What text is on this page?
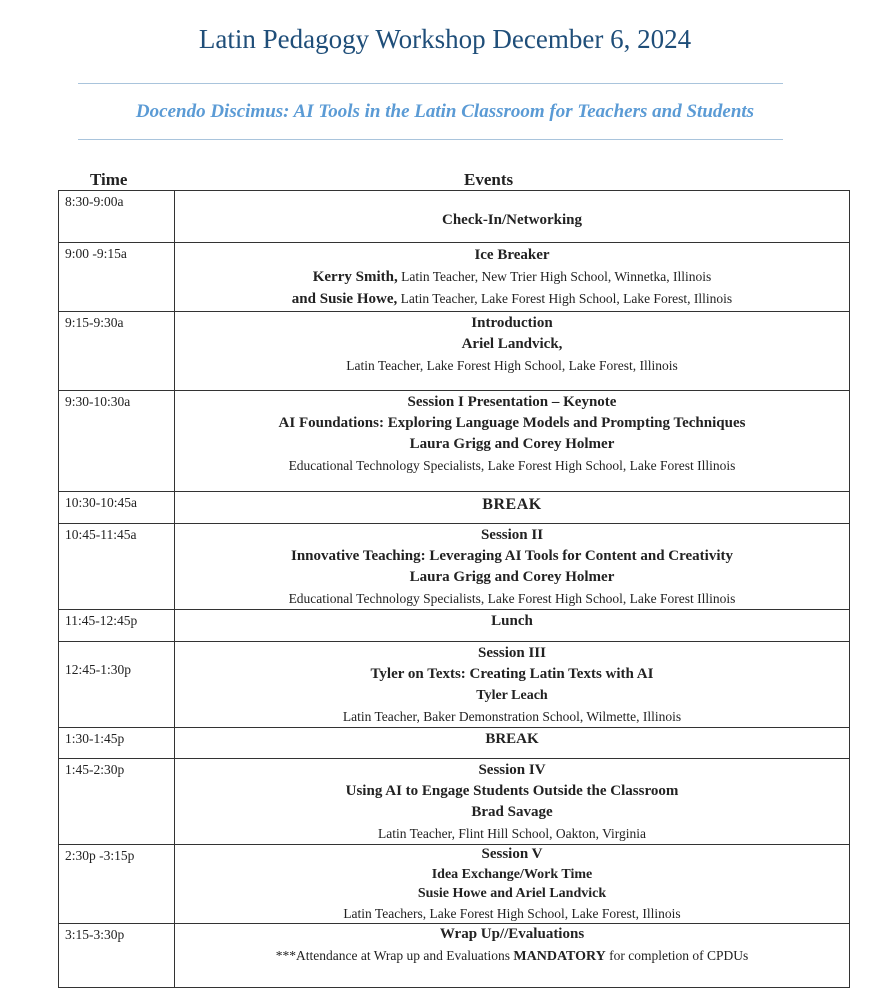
Latin Pedagogy Workshop December 6, 2024
Docendo Discimus: AI Tools in the Latin Classroom for Teachers and Students
Time	Events
8:30-9:00a	Check-In/Networking

9:00 -9:15a	Ice Breaker
Kerry Smith, Latin Teacher, New Trier High School, Winnetka, Illinois
and Susie Howe, Latin Teacher, Lake Forest High School, Lake Forest, Illinois

9:15-9:30a	Introduction
Ariel Landvick,
Latin Teacher, Lake Forest High School, Lake Forest, Illinois

9:30-10:30a	Session I Presentation – Keynote
AI Foundations: Exploring Language Models and Prompting Techniques
Laura Grigg and Corey Holmer
Educational Technology Specialists, Lake Forest High School, Lake Forest Illinois

10:30-10:45a	BREAK

10:45-11:45a	Session II
Innovative Teaching: Leveraging AI Tools for Content and Creativity
Laura Grigg and Corey Holmer
Educational Technology Specialists, Lake Forest High School, Lake Forest Illinois

11:45-12:45p	Lunch

12:45-1:30p	Session III
Tyler on Texts: Creating Latin Texts with AI
Tyler Leach
Latin Teacher, Baker Demonstration School, Wilmette, Illinois

1:30-1:45p	BREAK

1:45-2:30p	Session IV
Using AI to Engage Students Outside the Classroom
Brad Savage
Latin Teacher, Flint Hill School, Oakton, Virginia

2:30p -3:15p	Session V
Idea Exchange/Work Time
Susie Howe and Ariel Landvick
Latin Teachers, Lake Forest High School, Lake Forest, Illinois

3:15-3:30p	Wrap Up//Evaluations
***Attendance at Wrap up and Evaluations MANDATORY for completion of CPDUs
